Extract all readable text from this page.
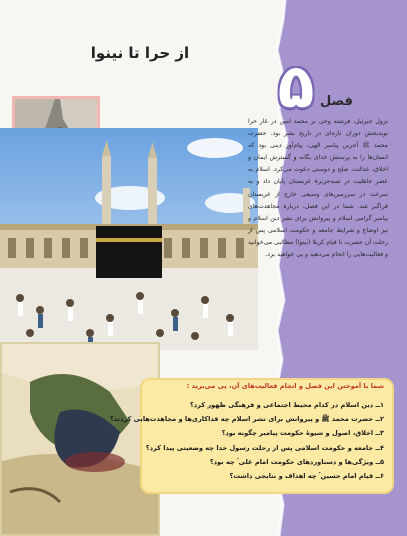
از حرا تا نینوا	۵ فصل
نزول جبرئیل، فرشته وحی بر محمد امین در غار حرا نوید‌بخش دوران تازه‌ای در تاریخ بشر بود. حضرت محمد ﷺ آخرین پیامبر الهی، پیام‌آور دینی بود که انسان‌ها را به پرستش خدای یگانه و گسترش ایمان و اخلاق، عدالت، صلح و دوستی دعوت می‌کرد. اسلام به عصر جاهلیت در شبه‌جزیرهٔ عربستان پایان داد و به سرعت در سرزمین‌های وسیعی خارج از عربستان فراگیر شد. شما در این فصل، دربارهٔ مجاهدت‌های پیامبر گرامی اسلام و پیروانش برای نشر دین اسلام و نیز اوضاع و شرایط جامعه و حکومت اسلامی پس از رحلت آن حضرت تا قیام کربلا (نینوا) مطالبی می‌خوانید و فعالیت‌هایی را انجام می‌دهید و پی خواهید برد.
شما با آموختن این فصل و انجام فعالیت‌های آن، پی می‌برید :
۱ــ دین اسلام در کدام محیط اجتماعی و فرهنگی ظهور کرد؟
۲ــ حضرت محمد ﷺ و پیروانش برای نشر اسلام چه فداکاری‌ها و مجاهدت‌هایی کردند؟
۳ــ اخلاق، اصول و شیوهٔ حکومت پیامبر چگونه بود؟
۴ــ جامعه و حکومت اسلامی پس از رحلت رسول خدا چه وضعیتی پیدا کرد؟
۵ــ ویژگی‌ها و دستاوردهای حکومت امام علی ؑ چه بود؟
۶ــ قیام امام حسین ؑ چه اهداف و نتایجی داشت؟
